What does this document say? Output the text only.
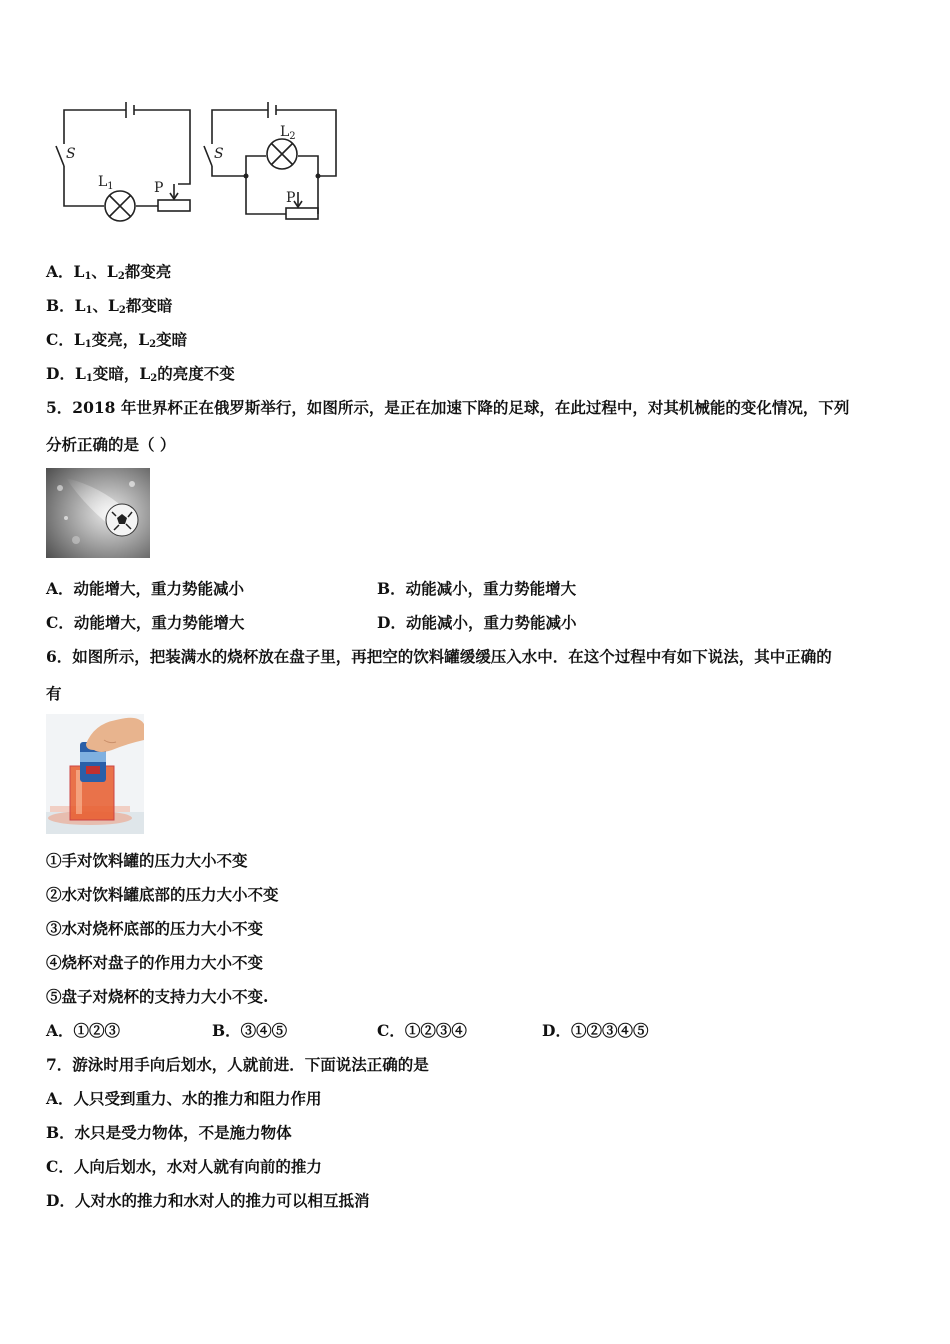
S	S
$L_1$	P
$L_2$
P
A．$L_1$、$L_2$都变亮
B．$L_1$、$L_2$都变暗
C．$L_1$变亮，$L_2$变暗
D．$L_1$变暗，$L_2$的亮度不变
5．2018 年世界杯正在俄罗斯举行，如图所示，是正在加速下降的足球，在此过程中，对其机械能的变化情况，下列
分析正确的是（ ）
A．动能增大，重力势能减小	B．动能减小，重力势能增大
C．动能增大，重力势能增大	D．动能减小，重力势能减小
6．如图所示，把装满水的烧杯放在盘子里，再把空的饮料罐缓缓压入水中．在这个过程中有如下说法，其中正确的
有
①手对饮料罐的压力大小不变
②水对饮料罐底部的压力大小不变
③水对烧杯底部的压力大小不变
④烧杯对盘子的作用力大小不变
⑤盘子对烧杯的支持力大小不变.
A．①②③	B．③④⑤	C．①②③④	D．①②③④⑤
7．游泳时用手向后划水，人就前进．下面说法正确的是
A．人只受到重力、水的推力和阻力作用
B．水只是受力物体，不是施力物体
C．人向后划水，水对人就有向前的推力
D．人对水的推力和水对人的推力可以相互抵消
